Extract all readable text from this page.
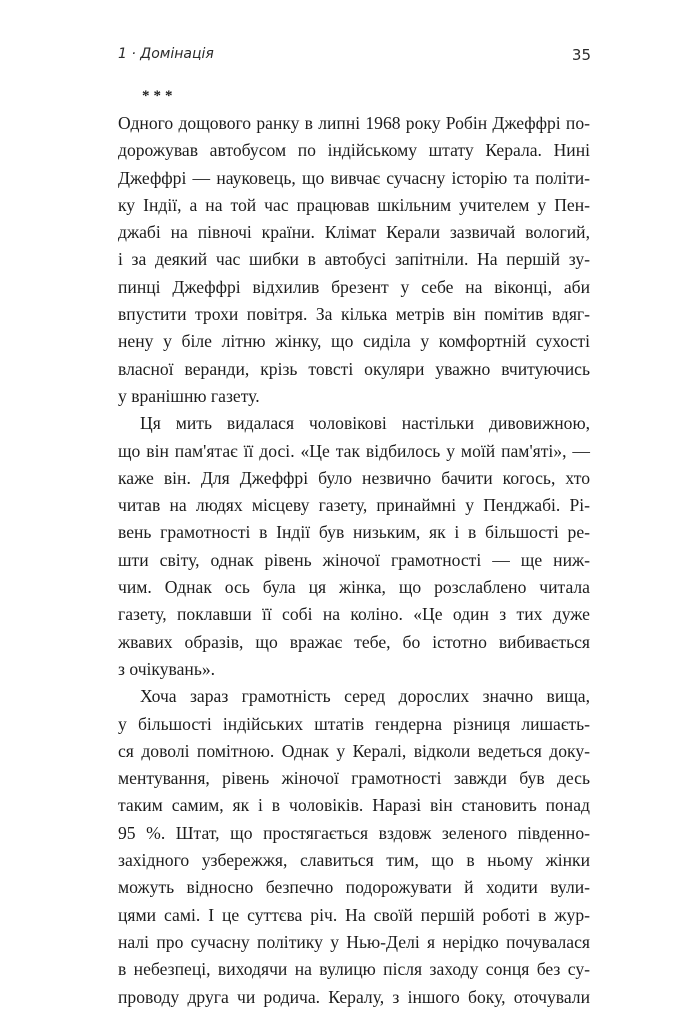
1 · Домінація	35
***
Одного дощового ранку в липні 1968 року Робін Джеффрі по-
дорожував автобусом по індійському штату Керала. Нині
Джеффрі — науковець, що вивчає сучасну історію та політи-
ку Індії, а на той час працював шкільним учителем у Пен-
джабі на півночі країни. Клімат Керали зазвичай вологий,
і за деякий час шибки в автобусі запітніли. На першій зу-
пинці Джеффрі відхилив брезент у себе на віконці, аби
впустити трохи повітря. За кілька метрів він помітив вдяг-
нену у біле літню жінку, що сиділа у комфортній сухості
власної веранди, крізь товсті окуляри уважно вчитуючись
у вранішню газету.
Ця мить видалася чоловікові настільки дивовижною,
що він пам'ятає її досі. «Це так відбилось у моїй пам'яті», —
каже він. Для Джеффрі було незвично бачити когось, хто
читав на людях місцеву газету, принаймні у Пенджабі. Рі-
вень грамотності в Індії був низьким, як і в більшості ре-
шти світу, однак рівень жіночої грамотності — ще ниж-
чим. Однак ось була ця жінка, що розслаблено читала
газету, поклавши її собі на коліно. «Це один з тих дуже
жвавих образів, що вражає тебе, бо істотно вибивається
з очікувань».
Хоча зараз грамотність серед дорослих значно вища,
у більшості індійських штатів гендерна різниця лишаєть-
ся доволі помітною. Однак у Кералі, відколи ведеться доку-
ментування, рівень жіночої грамотності завжди був десь
таким самим, як і в чоловіків. Наразі він становить понад
95 %. Штат, що простягається вздовж зеленого південно-
західного узбережжя, славиться тим, що в ньому жінки
можуть відносно безпечно подорожувати й ходити вули-
цями самі. І це суттєва річ. На своїй першій роботі в жур-
налі про сучасну політику у Нью-Делі я нерідко почувалася
в небезпеці, виходячи на вулицю після заходу сонця без су-
проводу друга чи родича. Кералу, з іншого боку, оточували
